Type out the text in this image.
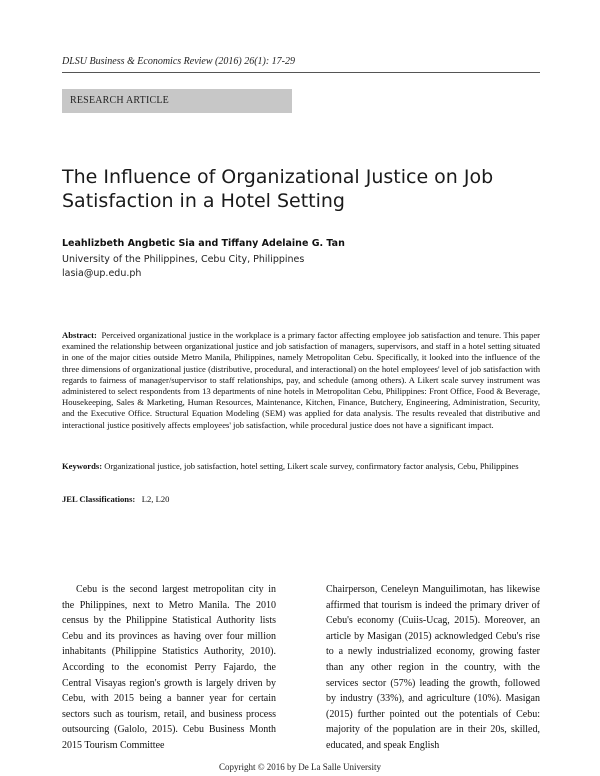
DLSU Business & Economics Review (2016) 26(1): 17-29
RESEARCH ARTICLE
The Influence of Organizational Justice on Job Satisfaction in a Hotel Setting
Leahlizbeth Angbetic Sia and Tiffany Adelaine G. Tan
University of the Philippines, Cebu City, Philippines
lasia@up.edu.ph

Abstract: Perceived organizational justice in the workplace is a primary factor affecting employee job satisfaction and tenure. This paper examined the relationship between organizational justice and job satisfaction of managers, supervisors, and staff in a hotel setting situated in one of the major cities outside Metro Manila, Philippines, namely Metropolitan Cebu. Specifically, it looked into the influence of the three dimensions of organizational justice (distributive, procedural, and interactional) on the hotel employees' level of job satisfaction with regards to fairness of manager/supervisor to staff relationships, pay, and schedule (among others). A Likert scale survey instrument was administered to select respondents from 13 departments of nine hotels in Metropolitan Cebu, Philippines: Front Office, Food & Beverage, Housekeeping, Sales & Marketing, Human Resources, Maintenance, Kitchen, Finance, Butchery, Engineering, Administration, Security, and the Executive Office. Structural Equation Modeling (SEM) was applied for data analysis. The results revealed that distributive and interactional justice positively affects employees' job satisfaction, while procedural justice does not have a significant impact.

Keywords: Organizational justice, job satisfaction, hotel setting, Likert scale survey, confirmatory factor analysis, Cebu, Philippines

JEL Classifications: L2, L20

Cebu is the second largest metropolitan city in the Philippines, next to Metro Manila. The 2010 census by the Philippine Statistical Authority lists Cebu and its provinces as having over four million inhabitants (Philippine Statistics Authority, 2010). According to the economist Perry Fajardo, the Central Visayas region's growth is largely driven by Cebu, with 2015 being a banner year for certain sectors such as tourism, retail, and business process outsourcing (Galolo, 2015). Cebu Business Month 2015 Tourism Committee

Chairperson, Ceneleyn Manguilimotan, has likewise affirmed that tourism is indeed the primary driver of Cebu's economy (Cuiis-Ucag, 2015). Moreover, an article by Masigan (2015) acknowledged Cebu's rise to a newly industrialized economy, growing faster than any other region in the country, with the services sector (57%) leading the growth, followed by industry (33%), and agriculture (10%). Masigan (2015) further pointed out the potentials of Cebu: majority of the population are in their 20s, skilled, educated, and speak English

Copyright © 2016 by De La Salle University
